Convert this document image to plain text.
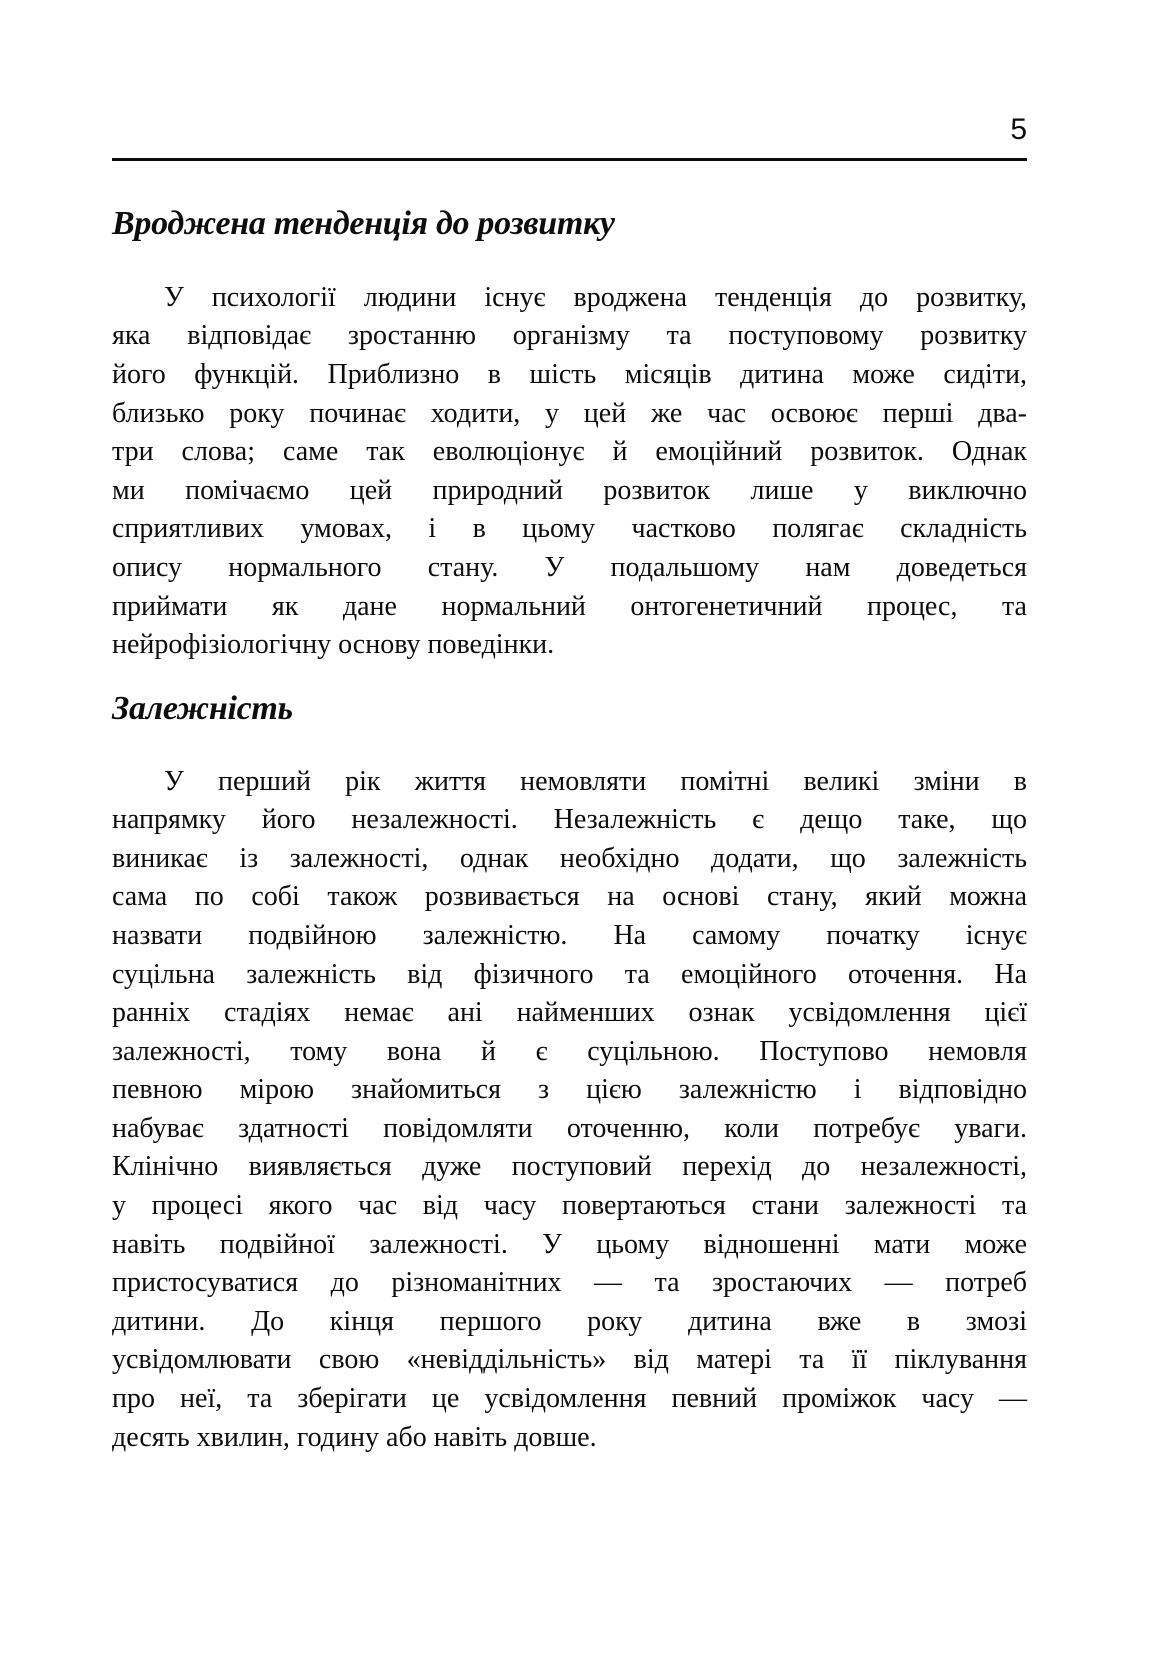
5
Вроджена тенденція до розвитку
У психології людини існує вроджена тенденція до розвитку,
яка відповідає зростанню організму та поступовому розвитку
його функцій. Приблизно в шість місяців дитина може сидіти,
близько року починає ходити, у цей же час освоює перші два-
три слова; саме так еволюціонує й емоційний розвиток. Однак
ми помічаємо цей природний розвиток лише у виключно
сприятливих умовах, і в цьому частково полягає складність
опису нормального стану. У подальшому нам доведеться
приймати як дане нормальний онтогенетичний процес, та
нейрофізіологічну основу поведінки.
Залежність
У перший рік життя немовляти помітні великі зміни в
напрямку його незалежності. Незалежність є дещо таке, що
виникає із залежності, однак необхідно додати, що залежність
сама по собі також розвивається на основі стану, який можна
назвати подвійною залежністю. На самому початку існує
суцільна залежність від фізичного та емоційного оточення. На
ранніх стадіях немає ані найменших ознак усвідомлення цієї
залежності, тому вона й є суцільною. Поступово немовля
певною мірою знайомиться з цією залежністю і відповідно
набуває здатності повідомляти оточенню, коли потребує уваги.
Клінічно виявляється дуже поступовий перехід до незалежності,
у процесі якого час від часу повертаються стани залежності та
навіть подвійної залежності. У цьому відношенні мати може
пристосуватися до різноманітних — та зростаючих — потреб
дитини. До кінця першого року дитина вже в змозі
усвідомлювати свою «невіддільність» від матері та її піклування
про неї, та зберігати це усвідомлення певний проміжок часу —
десять хвилин, годину або навіть довше.
